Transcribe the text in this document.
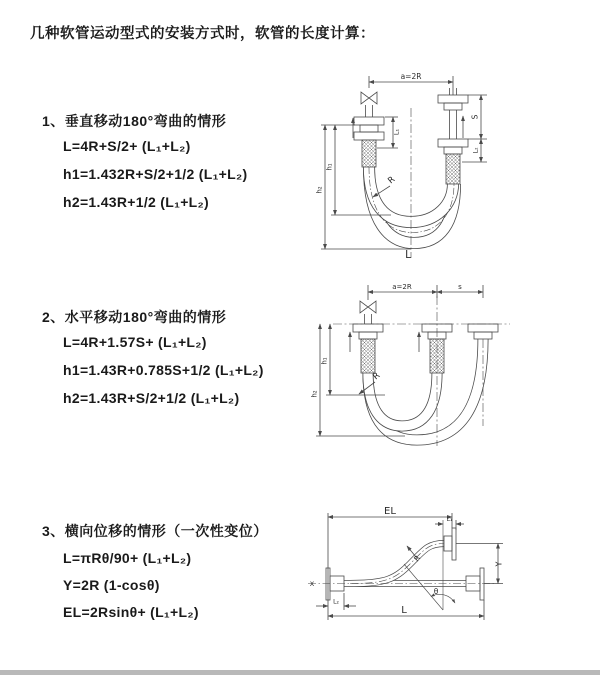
几种软管运动型式的安装方式时，软管的长度计算：
1、垂直移动180°弯曲的情形
L=4R+S/2+ (L₁+L₂)
h1=1.432R+S/2+1/2 (L₁+L₂)
h2=1.43R+1/2 (L₁+L₂)
2、水平移动180°弯曲的情形
L=4R+1.57S+ (L₁+L₂)
h1=1.43R+0.785S+1/2 (L₁+L₂)
h2=1.43R+S/2+1/2 (L₁+L₂)
3、横向位移的情形（一次性变位）
L=πRθ/90+ (L₁+L₂)
Y=2R (1-cosθ)
EL=2Rsinθ+ (L₁+L₂)
a=2R
L₁
S
L₂
h₁
h₂
R
L
a=2R	s
h₁
h₂
R
EL
L₁
R
Y
θ
L
L₂
X
